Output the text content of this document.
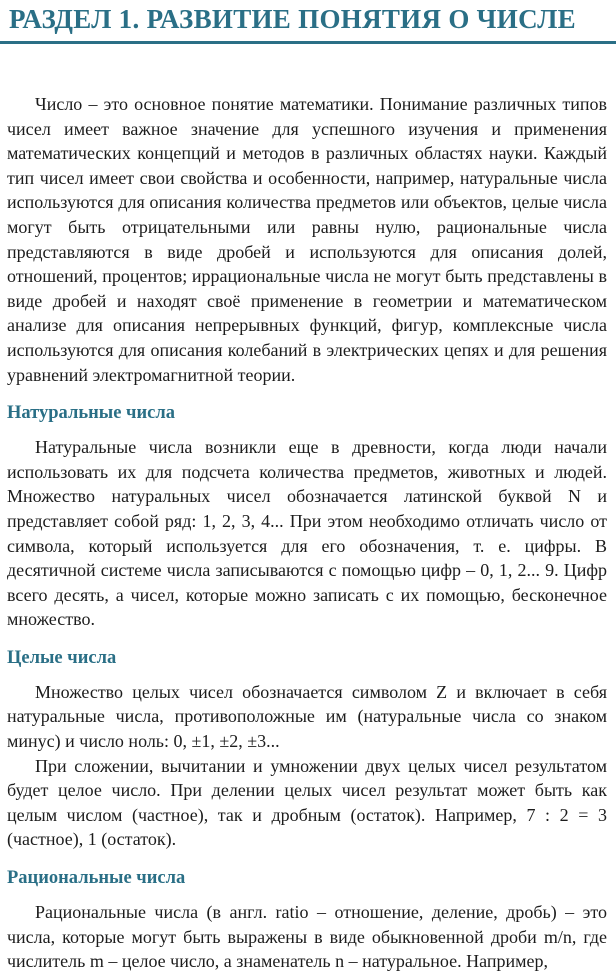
РАЗДЕЛ 1. РАЗВИТИЕ ПОНЯТИЯ О ЧИСЛЕ

Число – это основное понятие математики. Понимание различных типов чисел имеет важное значение для успешного изучения и применения математических концепций и методов в различных областях науки. Каждый тип чисел имеет свои свойства и особенности, например, натуральные числа используются для описания количества предметов или объектов, целые числа могут быть отрицательными или равны нулю, рациональные числа представляются в виде дробей и используются для описания долей, отношений, процентов; иррациональные числа не могут быть представлены в виде дробей и находят своё применение в геометрии и математическом анализе для описания непрерывных функций, фигур, комплексные числа используются для описания колебаний в электрических цепях и для решения уравнений электромагнитной теории.

Натуральные числа

Натуральные числа возникли еще в древности, когда люди начали использовать их для подсчета количества предметов, животных и людей. Множество натуральных чисел обозначается латинской буквой N и представляет собой ряд: 1, 2, 3, 4... При этом необходимо отличать число от символа, который используется для его обозначения, т. е. цифры. В десятичной системе числа записываются с помощью цифр – 0, 1, 2... 9. Цифр всего десять, а чисел, которые можно записать с их помощью, бесконечное множество.

Целые числа

Множество целых чисел обозначается символом Z и включает в себя натуральные числа, противоположные им (натуральные числа со знаком минус) и число ноль: 0, ±1, ±2, ±3...

При сложении, вычитании и умножении двух целых чисел результатом будет целое число. При делении целых чисел результат может быть как целым числом (частное), так и дробным (остаток). Например, 7 : 2 = 3 (частное), 1 (остаток).

Рациональные числа

Рациональные числа (в англ. ratio – отношение, деление, дробь) – это числа, которые могут быть выражены в виде обыкновенной дроби m/n, где числитель m – целое число, а знаменатель n – натуральное. Например,
